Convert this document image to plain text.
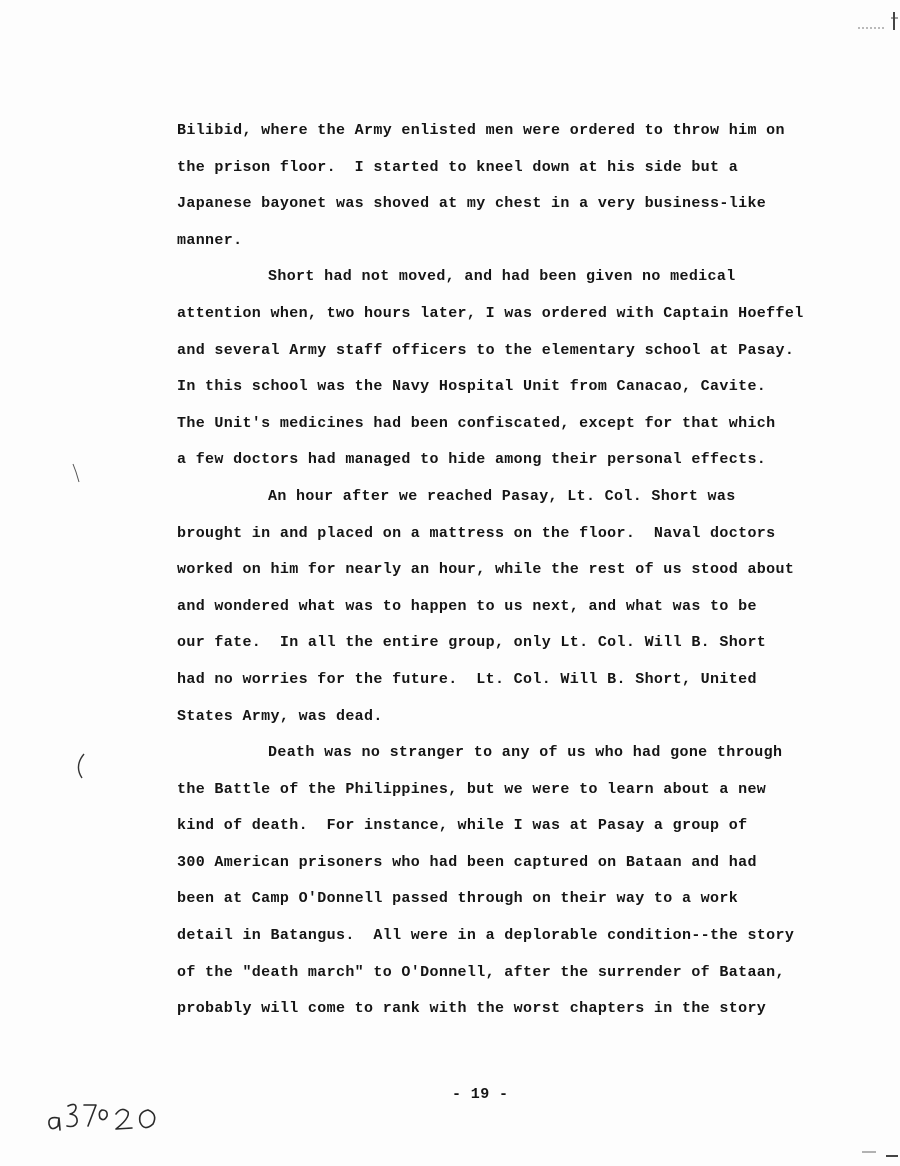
Bilibid, where the Army enlisted men were ordered to throw him on
the prison floor.  I started to kneel down at his side but a
Japanese bayonet was shoved at my chest in a very business-like
manner.
Short had not moved, and had been given no medical
attention when, two hours later, I was ordered with Captain Hoeffel
and several Army staff officers to the elementary school at Pasay.
In this school was the Navy Hospital Unit from Canacao, Cavite.
The Unit's medicines had been confiscated, except for that which
a few doctors had managed to hide among their personal effects.
An hour after we reached Pasay, Lt. Col. Short was
brought in and placed on a mattress on the floor.  Naval doctors
worked on him for nearly an hour, while the rest of us stood about
and wondered what was to happen to us next, and what was to be
our fate.  In all the entire group, only Lt. Col. Will B. Short
had no worries for the future.  Lt. Col. Will B. Short, United
States Army, was dead.
Death was no stranger to any of us who had gone through
the Battle of the Philippines, but we were to learn about a new
kind of death.  For instance, while I was at Pasay a group of
300 American prisoners who had been captured on Bataan and had
been at Camp O'Donnell passed through on their way to a work
detail in Batangus.  All were in a deplorable condition--the story
of the "death march" to O'Donnell, after the surrender of Bataan,
probably will come to rank with the worst chapters in the story
- 19 -
